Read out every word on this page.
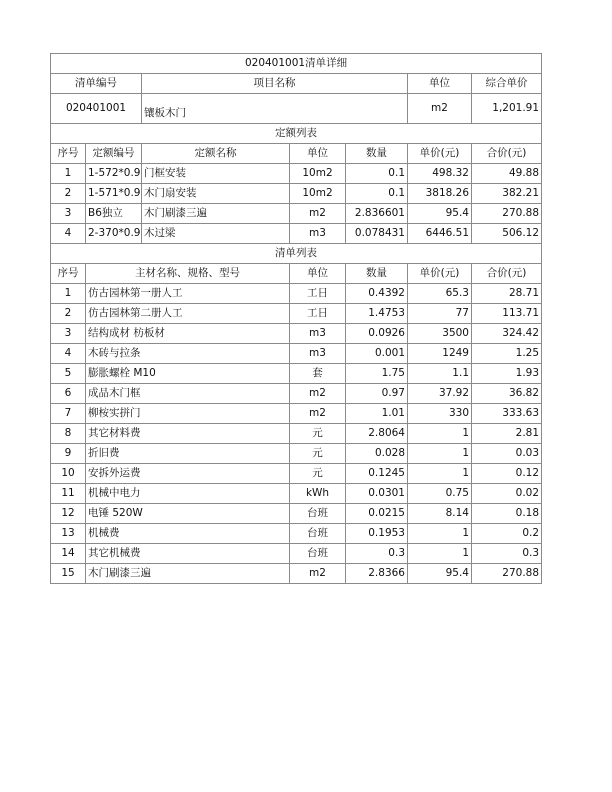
020401001清单详细						
清单编号		项目名称			单位	综合单价
020401001		镶板木门			m2	1,201.91
定额列表						
序号	定额编号	定额名称	单位	数量	单价(元)	合价(元)
1	1-572*0.9	门框安装	10m2	0.1	498.32	49.88
2	1-571*0.9	木门扇安装	10m2	0.1	3818.26	382.21
3	B6独立	木门刷漆三遍	m2	2.836601	95.4	270.88
4	2-370*0.9	木过梁	m3	0.078431	6446.51	506.12
清单列表						
序号	主材名称、规格、型号		单位	数量	单价(元)	合价(元)
1	仿古园林第一册人工		工日	0.4392	65.3	28.71
2	仿古园林第二册人工		工日	1.4753	77	113.71
3	结构成材 枋板材		m3	0.0926	3500	324.42
4	木砖与拉条		m3	0.001	1249	1.25
5	膨胀螺栓 M10		套	1.75	1.1	1.93
6	成品木门框		m2	0.97	37.92	36.82
7	柳桉实拼门		m2	1.01	330	333.63
8	其它材料费		元	2.8064	1	2.81
9	折旧费		元	0.028	1	0.03
10	安拆外运费		元	0.1245	1	0.12
11	机械中电力		kWh	0.0301	0.75	0.02
12	电锤 520W		台班	0.0215	8.14	0.18
13	机械费		台班	0.1953	1	0.2
14	其它机械费		台班	0.3	1	0.3
15	木门刷漆三遍		m2	2.8366	95.4	270.88
